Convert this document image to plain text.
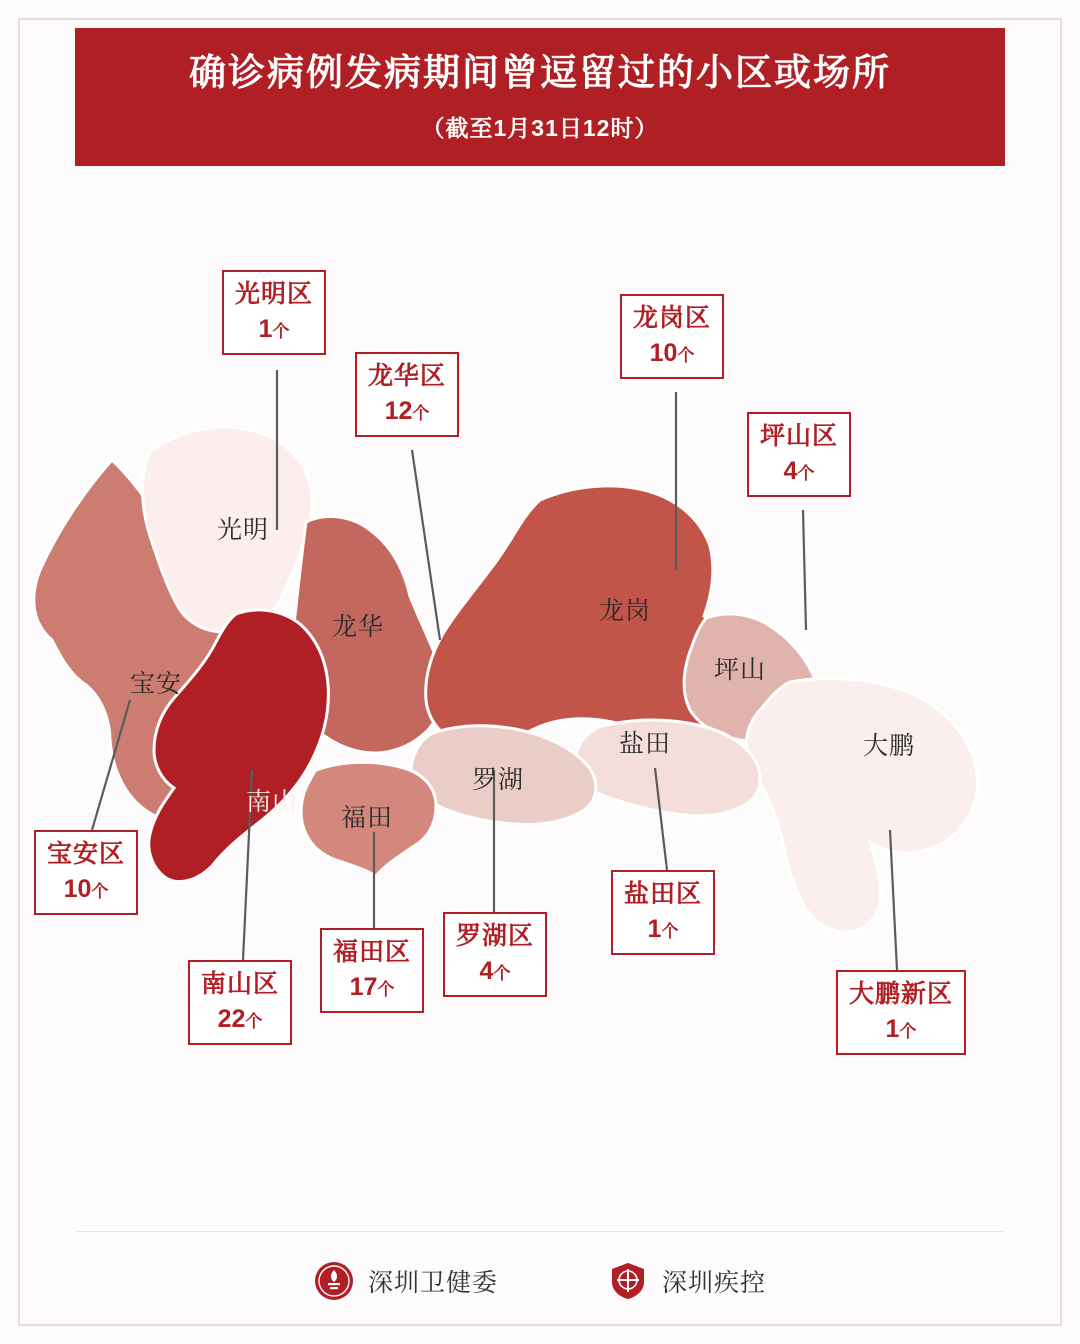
确诊病例发病期间曾逗留过的小区或场所
（截至1月31日12时）
光明
宝安
龙华
龙岗
坪山
大鹏
盐田
罗湖
福田
南山
光明区
1个
龙华区
12个
龙岗区
10个
坪山区
4个
宝安区
10个
南山区
22个
福田区
17个
罗湖区
4个
盐田区
1个
大鹏新区
1个
深圳卫健委	深圳疾控
